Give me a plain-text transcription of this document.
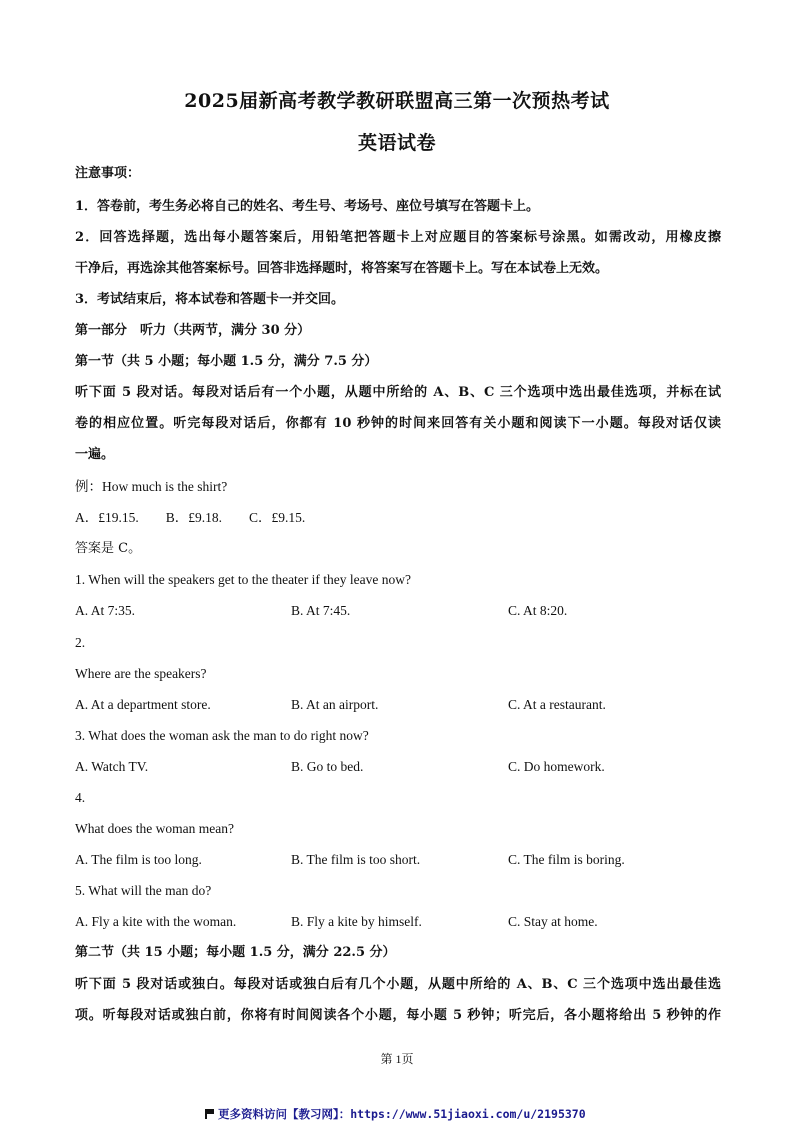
2025届新高考教学教研联盟高三第一次预热考试
英语试卷
注意事项：
1．答卷前，考生务必将自己的姓名、考生号、考场号、座位号填写在答题卡上。
2．回答选择题，选出每小题答案后，用铅笔把答题卡上对应题目的答案标号涂黑。如需改动，用橡皮擦
干净后，再选涂其他答案标号。回答非选择题时，将答案写在答题卡上。写在本试卷上无效。
3．考试结束后，将本试卷和答题卡一并交回。
第一部分　听力（共两节，满分 30 分）
第一节（共 5 小题；每小题 1.5 分，满分 7.5 分）
听下面 5 段对话。每段对话后有一个小题，从题中所给的 A、B、C 三个选项中选出最佳选项，并标在试
卷的相应位置。听完每段对话后，你都有 10 秒钟的时间来回答有关小题和阅读下一小题。每段对话仅读
一遍。
例：How much is the shirt?
A．£19.15.　　B．£9.18.　　C．£9.15.
答案是 C。
1. When will the speakers get to the theater if they leave now?
A. At 7:35.	B. At 7:45.	C. At 8:20.
2.
Where are the speakers?
A. At a department store.	B. At an airport.	C. At a restaurant.
3. What does the woman ask the man to do right now?
A. Watch TV.	B. Go to bed.	C. Do homework.
4.
What does the woman mean?
A. The film is too long.	B. The film is too short.	C. The film is boring.
5. What will the man do?
A. Fly a kite with the woman.	B. Fly a kite by himself.	C. Stay at home.
第二节（共 15 小题；每小题 1.5 分，满分 22.5 分）
听下面 5 段对话或独白。每段对话或独白后有几个小题，从题中所给的 A、B、C 三个选项中选出最佳选
项。听每段对话或独白前，你将有时间阅读各个小题，每小题 5 秒钟；听完后，各小题将给出 5 秒钟的作
第 1页
更多资料访问【教习网】：https://www.51jiaoxi.com/u/2195370
